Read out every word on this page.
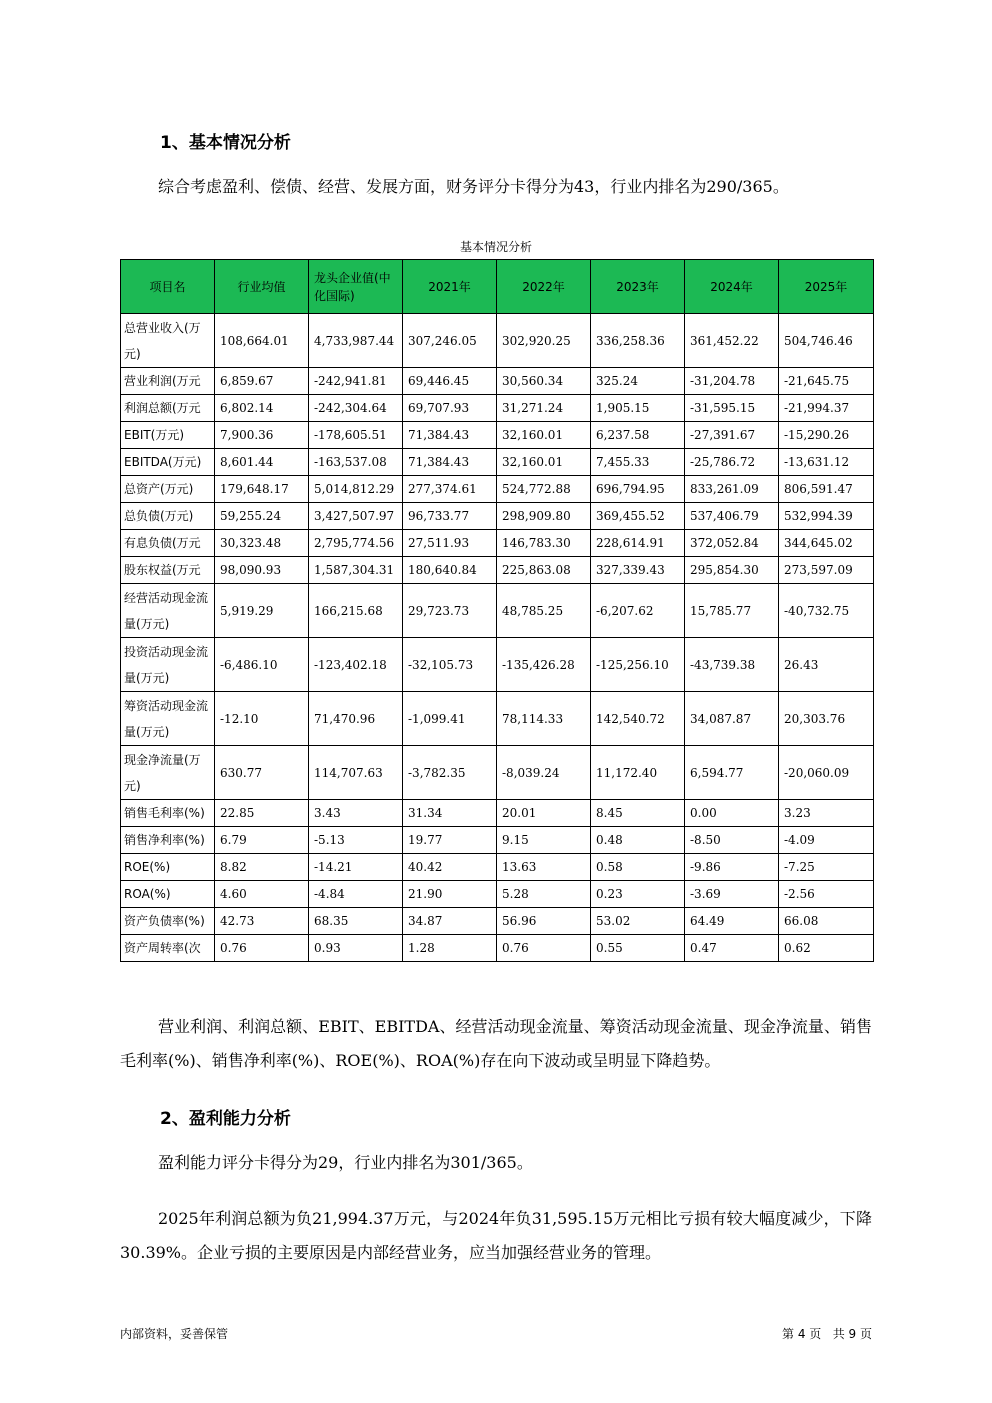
1、基本情况分析
综合考虑盈利、偿债、经营、发展方面，财务评分卡得分为43，行业内排名为290/365。
基本情况分析
项目名	行业均值	龙头企业值(中化国际)	2021年	2022年	2023年	2024年	2025年
总营业收入(万元)	108,664.01	4,733,987.44	307,246.05	302,920.25	336,258.36	361,452.22	504,746.46
营业利润(万元	6,859.67	-242,941.81	69,446.45	30,560.34	325.24	-31,204.78	-21,645.75
利润总额(万元	6,802.14	-242,304.64	69,707.93	31,271.24	1,905.15	-31,595.15	-21,994.37
EBIT(万元)	7,900.36	-178,605.51	71,384.43	32,160.01	6,237.58	-27,391.67	-15,290.26
EBITDA(万元)	8,601.44	-163,537.08	71,384.43	32,160.01	7,455.33	-25,786.72	-13,631.12
总资产(万元)	179,648.17	5,014,812.29	277,374.61	524,772.88	696,794.95	833,261.09	806,591.47
总负债(万元)	59,255.24	3,427,507.97	96,733.77	298,909.80	369,455.52	537,406.79	532,994.39
有息负债(万元	30,323.48	2,795,774.56	27,511.93	146,783.30	228,614.91	372,052.84	344,645.02
股东权益(万元	98,090.93	1,587,304.31	180,640.84	225,863.08	327,339.43	295,854.30	273,597.09
经营活动现金流量(万元)	5,919.29	166,215.68	29,723.73	48,785.25	-6,207.62	15,785.77	-40,732.75
投资活动现金流量(万元)	-6,486.10	-123,402.18	-32,105.73	-135,426.28	-125,256.10	-43,739.38	26.43
筹资活动现金流量(万元)	-12.10	71,470.96	-1,099.41	78,114.33	142,540.72	34,087.87	20,303.76
现金净流量(万元)	630.77	114,707.63	-3,782.35	-8,039.24	11,172.40	6,594.77	-20,060.09
销售毛利率(%)	22.85	3.43	31.34	20.01	8.45	0.00	3.23
销售净利率(%)	6.79	-5.13	19.77	9.15	0.48	-8.50	-4.09
ROE(%)	8.82	-14.21	40.42	13.63	0.58	-9.86	-7.25
ROA(%)	4.60	-4.84	21.90	5.28	0.23	-3.69	-2.56
资产负债率(%)	42.73	68.35	34.87	56.96	53.02	64.49	66.08
资产周转率(次	0.76	0.93	1.28	0.76	0.55	0.47	0.62
营业利润、利润总额、EBIT、EBITDA、经营活动现金流量、筹资活动现金流量、现金净流量、销售毛利率(%)、销售净利率(%)、ROE(%)、ROA(%)存在向下波动或呈明显下降趋势。
2、盈利能力分析
盈利能力评分卡得分为29，行业内排名为301/365。
2025年利润总额为负21,994.37万元，与2024年负31,595.15万元相比亏损有较大幅度减少，下降30.39%。企业亏损的主要原因是内部经营业务，应当加强经营业务的管理。
内部资料，妥善保管	第 4 页   共 9 页
